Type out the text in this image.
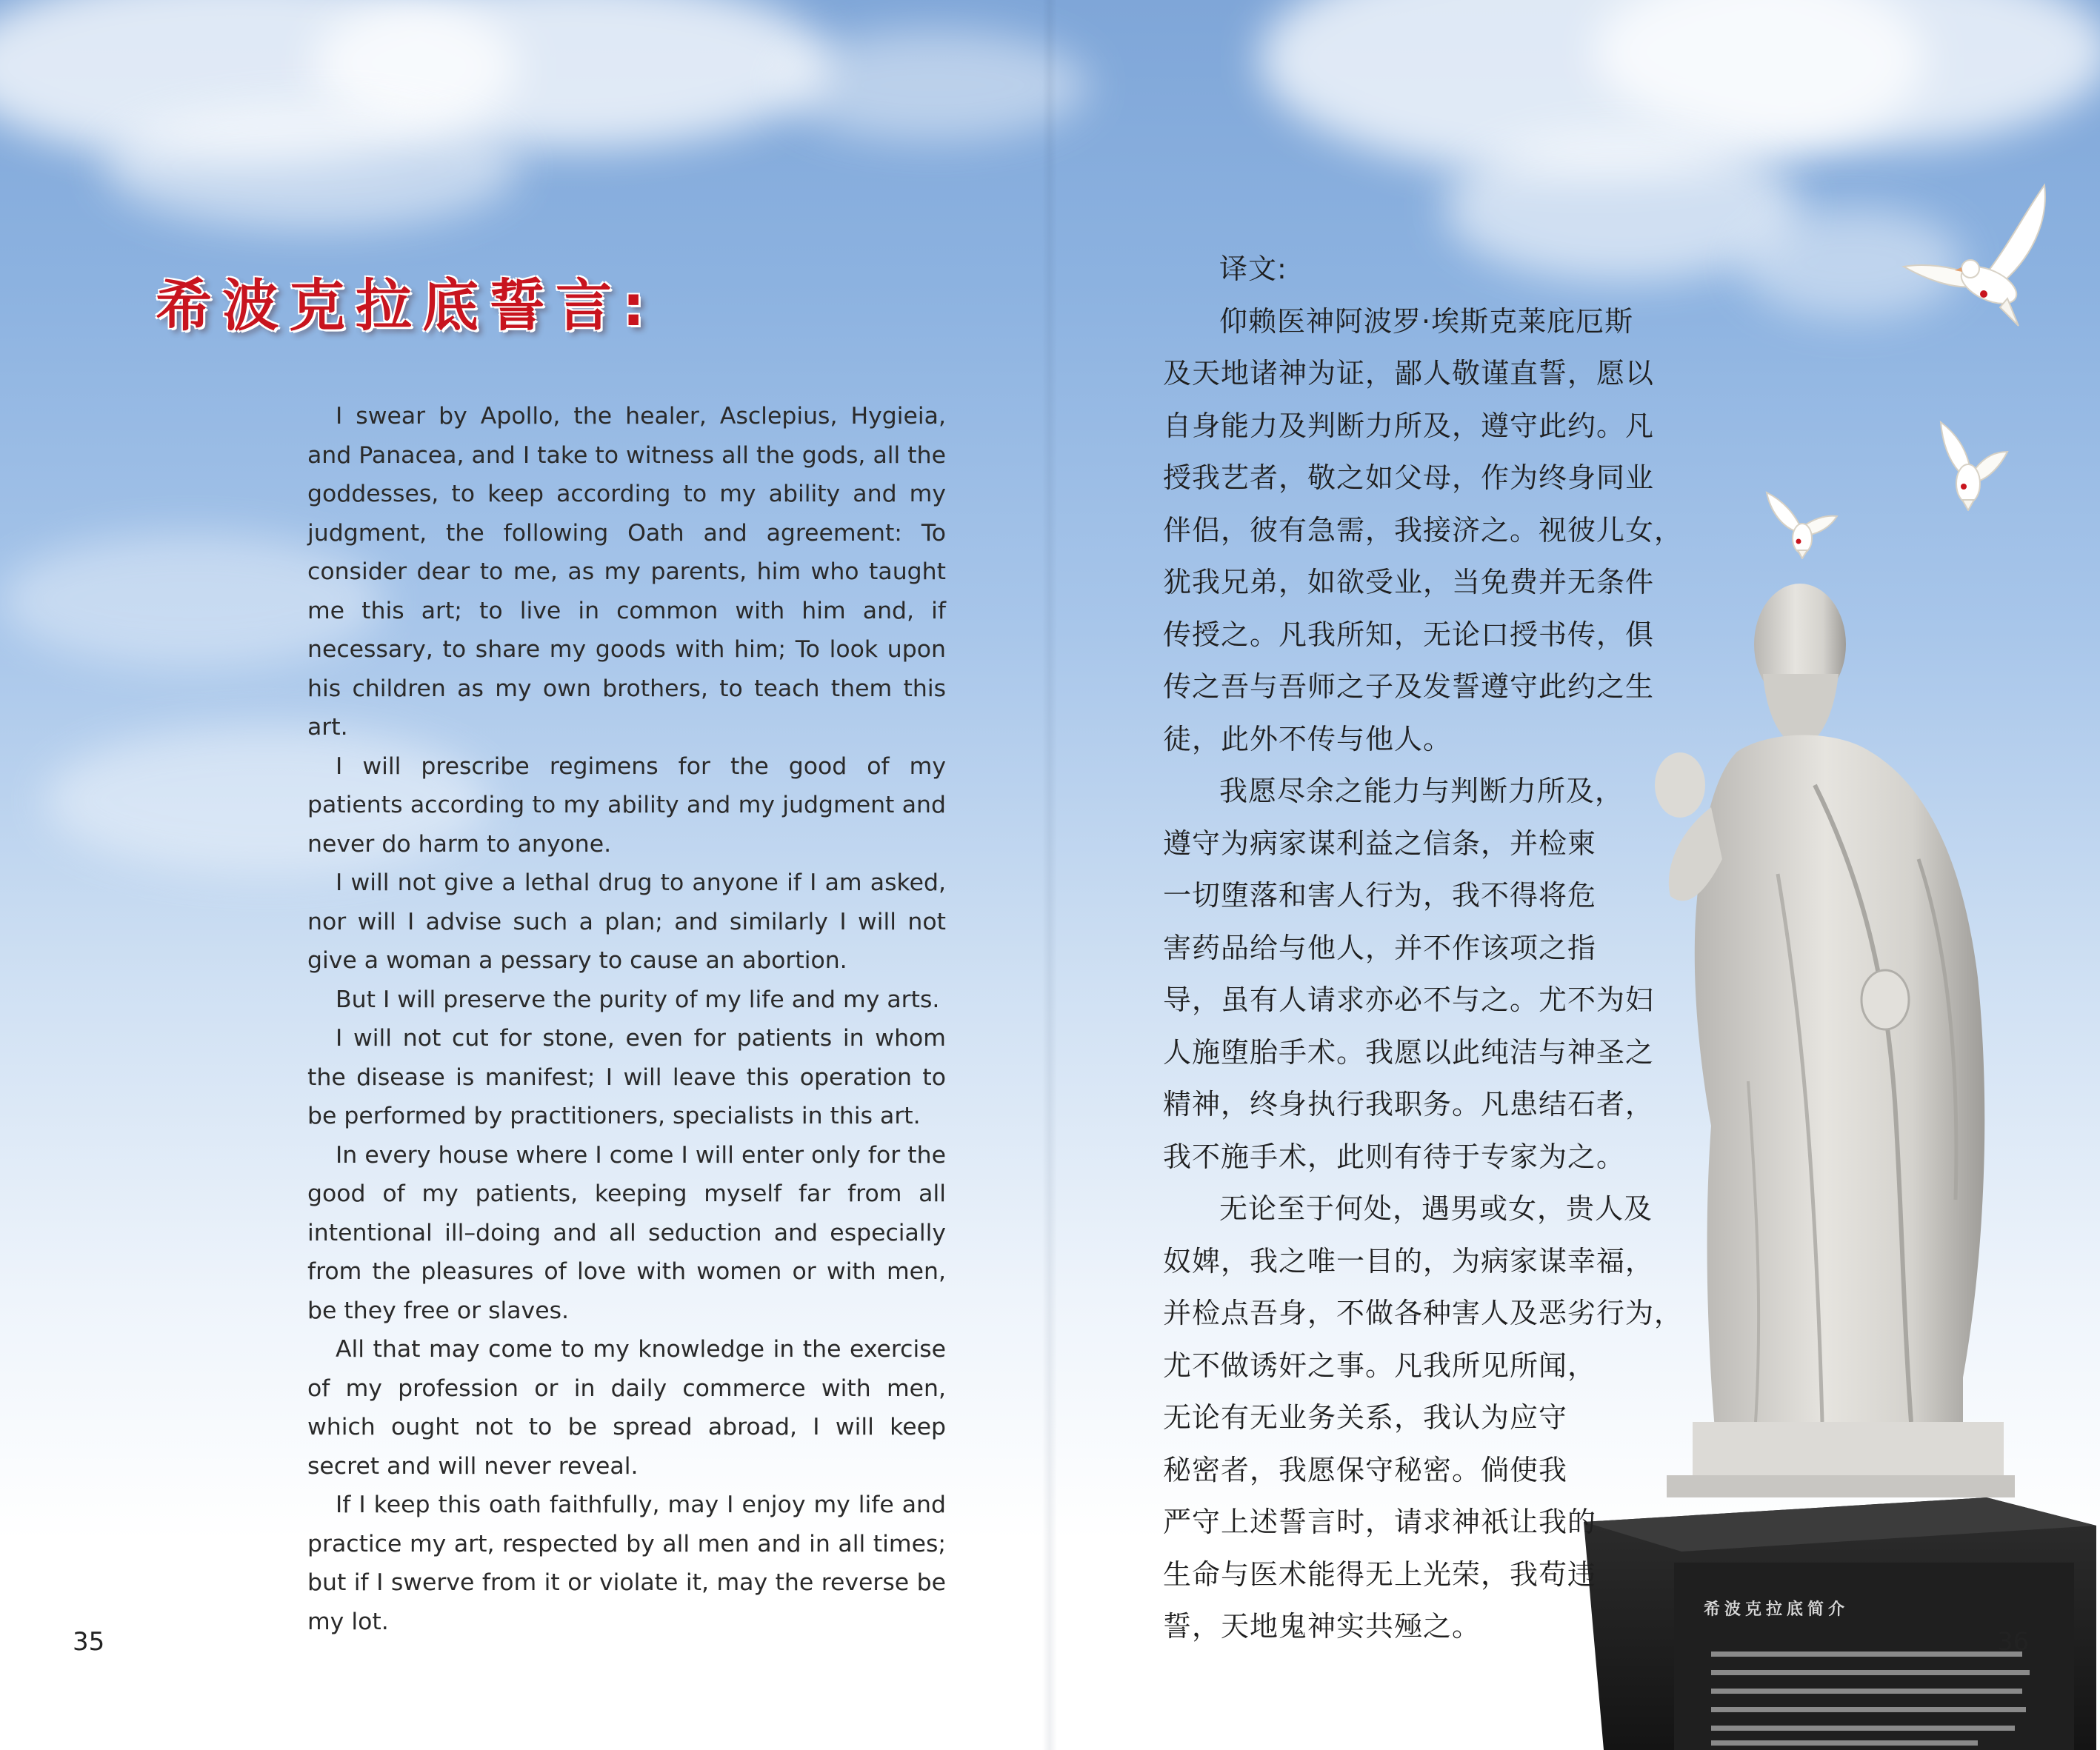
希波克拉底誓言:

I swear by Apollo, the healer, Asclepius, Hygieia, and Panacea, and I take to witness all the gods, all the goddesses, to keep according to my ability and my judgment, the following Oath and agreement: To consider dear to me, as my parents, him who taught me this art; to live in common with him and, if necessary, to share my goods with him; To look upon his children as my own brothers, to teach them this art.

I will prescribe regimens for the good of my patients according to my ability and my judgment and never do harm to anyone.

I will not give a lethal drug to anyone if I am asked, nor will I advise such a plan; and similarly I will not give a woman a pessary to cause an abortion.

But I will preserve the purity of my life and my arts.

I will not cut for stone, even for patients in whom the disease is manifest; I will leave this operation to be performed by practitioners, specialists in this art.

In every house where I come I will enter only for the good of my patients, keeping myself far from all intentional ill–doing and all seduction and especially from the pleasures of love with women or with men, be they free or slaves.

All that may come to my knowledge in the exercise of my profession or in daily commerce with men, which ought not to be spread abroad, I will keep secret and will never reveal.

If I keep this oath faithfully, may I enjoy my life and practice my art, respected by all men and in all times; but if I swerve from it or violate it, may the reverse be my lot.	希波克拉底简介

译文:

仰赖医神阿波罗·埃斯克莱庇厄斯
及天地诸神为证，鄙人敬谨直誓，愿以
自身能力及判断力所及，遵守此约。凡
授我艺者，敬之如父母，作为终身同业
伴侣，彼有急需，我接济之。视彼儿女，
犹我兄弟，如欲受业，当免费并无条件
传授之。凡我所知，无论口授书传，俱
传之吾与吾师之子及发誓遵守此约之生
徒，此外不传与他人。
我愿尽余之能力与判断力所及，
遵守为病家谋利益之信条，并检柬
一切堕落和害人行为，我不得将危
害药品给与他人，并不作该项之指
导，虽有人请求亦必不与之。尤不为妇
人施堕胎手术。我愿以此纯洁与神圣之
精神，终身执行我职务。凡患结石者，
我不施手术，此则有待于专家为之。
无论至于何处，遇男或女，贵人及
奴婢，我之唯一目的，为病家谋幸福，
并检点吾身，不做各种害人及恶劣行为，
尤不做诱奸之事。凡我所见所闻，
无论有无业务关系，我认为应守
秘密者，我愿保守秘密。倘使我
严守上述誓言时，请求神祇让我的
生命与医术能得无上光荣，我苟违
誓，天地鬼神实共殛之。
35	36
